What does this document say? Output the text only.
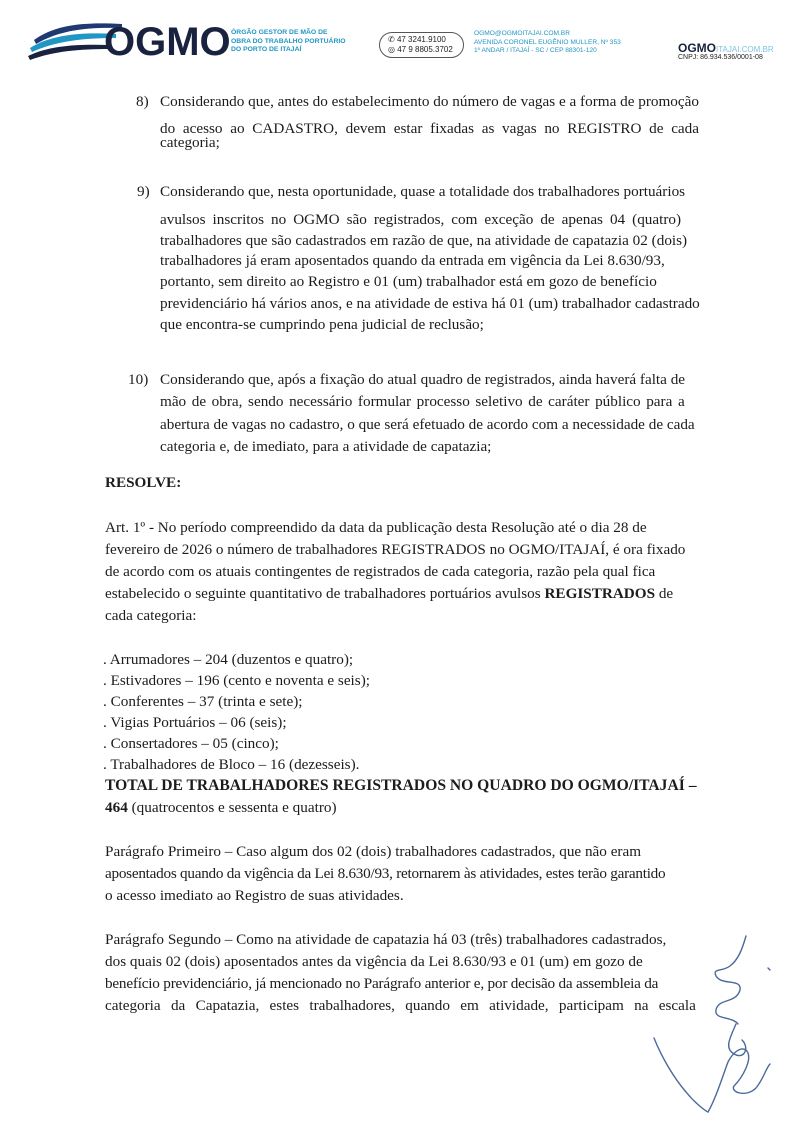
OGMO ÓRGÃO GESTOR DE MÃO DE
OBRA DO TRABALHO PORTUÁRIO
DO PORTO DE ITAJAÍ
✆ 47 3241.9100
◎ 47 9 8805.3702
OGMO@OGMOITAJAI.COM.BR
AVENIDA CORONEL EUGÊNIO MULLER, Nº 353
1º ANDAR / ITAJAÍ - SC / CEP 88301-120	OGMOITAJAI.COM.BR
CNPJ: 86.934.536/0001-08
8) Considerando que, antes do estabelecimento do número de vagas e a forma de promoção
do acesso ao CADASTRO, devem estar fixadas as vagas no REGISTRO de cada
categoria;
9) Considerando que, nesta oportunidade, quase a totalidade dos trabalhadores portuários
avulsos inscritos no OGMO são registrados, com exceção de apenas 04 (quatro)
trabalhadores que são cadastrados em razão de que, na atividade de capatazia 02 (dois)
trabalhadores já eram aposentados quando da entrada em vigência da Lei 8.630/93,
portanto, sem direito ao Registro e 01 (um) trabalhador está em gozo de benefício
previdenciário há vários anos, e na atividade de estiva há 01 (um) trabalhador cadastrado
que encontra-se cumprindo pena judicial de reclusão;
10) Considerando que, após a fixação do atual quadro de registrados, ainda haverá falta de
mão de obra, sendo necessário formular processo seletivo de caráter público para a
abertura de vagas no cadastro, o que será efetuado de acordo com a necessidade de cada
categoria e, de imediato, para a atividade de capatazia;
RESOLVE:
Art. 1º - No período compreendido da data da publicação desta Resolução até o dia 28 de
fevereiro de 2026 o número de trabalhadores REGISTRADOS no OGMO/ITAJAÍ, é ora fixado
de acordo com os atuais contingentes de registrados de cada categoria, razão pela qual fica
estabelecido o seguinte quantitativo de trabalhadores portuários avulsos REGISTRADOS de
cada categoria:
. Arrumadores – 204 (duzentos e quatro);
. Estivadores – 196 (cento e noventa e seis);
. Conferentes – 37 (trinta e sete);
. Vigias Portuários – 06 (seis);
. Consertadores – 05 (cinco);
. Trabalhadores de Bloco – 16 (dezesseis).
TOTAL DE TRABALHADORES REGISTRADOS NO QUADRO DO OGMO/ITAJAÍ –
464 (quatrocentos e sessenta e quatro)
Parágrafo Primeiro – Caso algum dos 02 (dois) trabalhadores cadastrados, que não eram
aposentados quando da vigência da Lei 8.630/93, retornarem às atividades, estes terão garantido
o acesso imediato ao Registro de suas atividades.
Parágrafo Segundo – Como na atividade de capatazia há 03 (três) trabalhadores cadastrados,
dos quais 02 (dois) aposentados antes da vigência da Lei 8.630/93 e 01 (um) em gozo de
benefício previdenciário, já mencionado no Parágrafo anterior e, por decisão da assembleia da
categoria da Capatazia, estes trabalhadores, quando em atividade, participam na escala
